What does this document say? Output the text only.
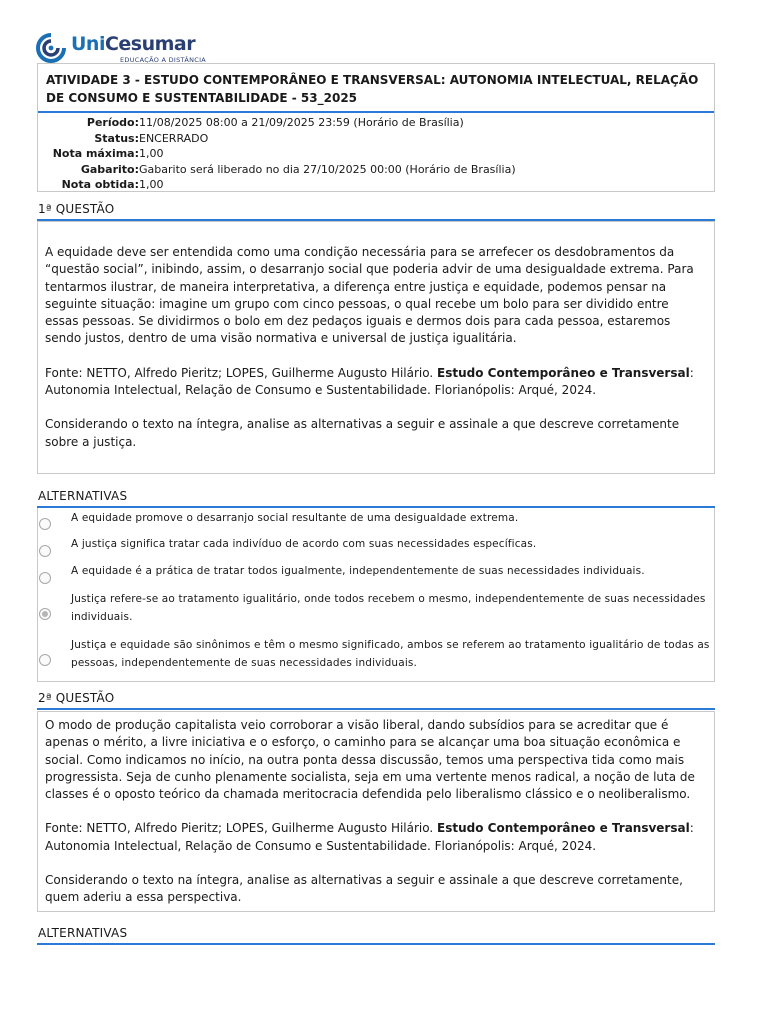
UniCesumar
EDUCAÇÃO A DISTÂNCIA
ATIVIDADE 3 - ESTUDO CONTEMPORÂNEO E TRANSVERSAL: AUTONOMIA INTELECTUAL, RELAÇÃO DE CONSUMO E SUSTENTABILIDADE - 53_2025
Período: 11/08/2025 08:00 a 21/09/2025 23:59 (Horário de Brasília)
Status: ENCERRADO
Nota máxima: 1,00
Gabarito: Gabarito será liberado no dia 27/10/2025 00:00 (Horário de Brasília)
Nota obtida: 1,00
1ª QUESTÃO

A equidade deve ser entendida como uma condição necessária para se arrefecer os desdobramentos da “questão social”, inibindo, assim, o desarranjo social que poderia advir de uma desigualdade extrema. Para tentarmos ilustrar, de maneira interpretativa, a diferença entre justiça e equidade, podemos pensar na seguinte situação: imagine um grupo com cinco pessoas, o qual recebe um bolo para ser dividido entre essas pessoas. Se dividirmos o bolo em dez pedaços iguais e dermos dois para cada pessoa, estaremos sendo justos, dentro de uma visão normativa e universal de justiça igualitária.

Fonte: NETTO, Alfredo Pieritz; LOPES, Guilherme Augusto Hilário. Estudo Contemporâneo e Transversal: Autonomia Intelectual, Relação de Consumo e Sustentabilidade. Florianópolis: Arqué, 2024.

Considerando o texto na íntegra, analise as alternativas a seguir e assinale a que descreve corretamente sobre a justiça.

ALTERNATIVAS
A equidade promove o desarranjo social resultante de uma desigualdade extrema.
A justiça significa tratar cada indivíduo de acordo com suas necessidades específicas.
A equidade é a prática de tratar todos igualmente, independentemente de suas necessidades individuais.
Justiça refere-se ao tratamento igualitário, onde todos recebem o mesmo, independentemente de suas necessidades individuais.
Justiça e equidade são sinônimos e têm o mesmo significado, ambos se referem ao tratamento igualitário de todas as pessoas, independentemente de suas necessidades individuais.
2ª QUESTÃO

O modo de produção capitalista veio corroborar a visão liberal, dando subsídios para se acreditar que é apenas o mérito, a livre iniciativa e o esforço, o caminho para se alcançar uma boa situação econômica e social. Como indicamos no início, na outra ponta dessa discussão, temos uma perspectiva tida como mais progressista. Seja de cunho plenamente socialista, seja em uma vertente menos radical, a noção de luta de classes é o oposto teórico da chamada meritocracia defendida pelo liberalismo clássico e o neoliberalismo.

Fonte: NETTO, Alfredo Pieritz; LOPES, Guilherme Augusto Hilário. Estudo Contemporâneo e Transversal: Autonomia Intelectual, Relação de Consumo e Sustentabilidade. Florianópolis: Arqué, 2024.

Considerando o texto na íntegra, analise as alternativas a seguir e assinale a que descreve corretamente, quem aderiu a essa perspectiva.

ALTERNATIVAS
